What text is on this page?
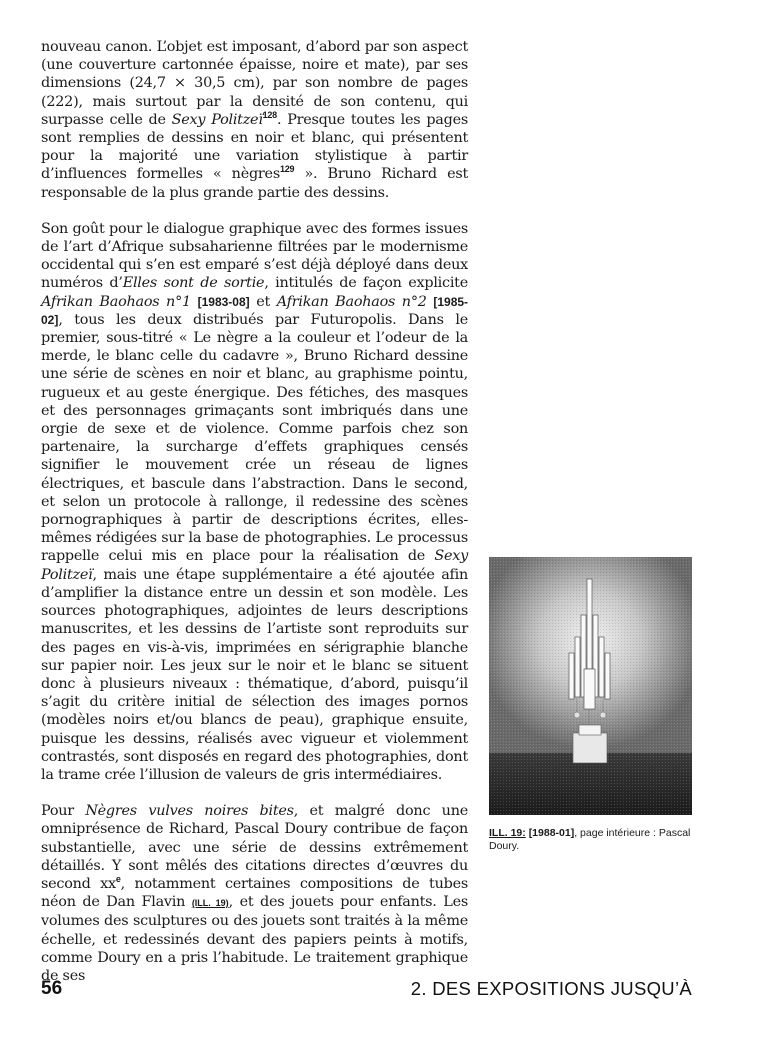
nouveau canon. L’objet est imposant, d’abord par son aspect (une couverture cartonnée épaisse, noire et mate), par ses dimensions (24,7 × 30,5 cm), par son nombre de pages (222), mais surtout par la densité de son contenu, qui surpasse celle de Sexy Politzeï$^{128}$. Presque toutes les pages sont remplies de dessins en noir et blanc, qui présentent pour la majorité une variation stylistique à partir d’influences formelles « nègres$^{129}$ ». Bruno Richard est responsable de la plus grande partie des dessins.

Son goût pour le dialogue graphique avec des formes issues de l’art d’Afrique subsaharienne filtrées par le modernisme occidental qui s’en est emparé s’est déjà déployé dans deux numéros d’Elles sont de sortie, intitulés de façon explicite Afrikan Baohaos n°1 [1983-08] et Afrikan Baohaos n°2 [1985-02], tous les deux distribués par Futuropolis. Dans le premier, sous-titré « Le nègre a la couleur et l’odeur de la merde, le blanc celle du cadavre », Bruno Richard dessine une série de scènes en noir et blanc, au graphisme pointu, rugueux et au geste énergique. Des fétiches, des masques et des personnages grimaçants sont imbriqués dans une orgie de sexe et de violence. Comme parfois chez son partenaire, la surcharge d’effets graphiques censés signifier le mouvement crée un réseau de lignes électriques, et bascule dans l’abstraction. Dans le second, et selon un protocole à rallonge, il redessine des scènes pornographiques à partir de descriptions écrites, elles-mêmes rédigées sur la base de photographies. Le processus rappelle celui mis en place pour la réalisation de Sexy Politzeï, mais une étape supplémentaire a été ajoutée afin d’amplifier la distance entre un dessin et son modèle. Les sources photographiques, adjointes de leurs descriptions manuscrites, et les dessins de l’artiste sont reproduits sur des pages en vis-à-vis, imprimées en sérigraphie blanche sur papier noir. Les jeux sur le noir et le blanc se situent donc à plusieurs niveaux : thématique, d’abord, puisqu’il s’agit du critère initial de sélection des images pornos (modèles noirs et/ou blancs de peau), graphique ensuite, puisque les dessins, réalisés avec vigueur et violemment contrastés, sont disposés en regard des photographies, dont la trame crée l’illusion de valeurs de gris intermédiaires.

Pour Nègres vulves noires bites, et malgré donc une omniprésence de Richard, Pascal Doury contribue de façon substantielle, avec une série de dessins extrêmement détaillés. Y sont mêlés des citations directes d’œuvres du second $xx^e$, notamment certaines compositions de tubes néon de Dan Flavin (ILL. 19), et des jouets pour enfants. Les volumes des sculptures ou des jouets sont traités à la même échelle, et redessinés devant des papiers peints à motifs, comme Doury en a pris l’habitude. Le traitement graphique de ses

ILL. 19: [1988-01], page intérieure : Pascal Doury.
56	2. DES EXPOSITIONS JUSQU’À
